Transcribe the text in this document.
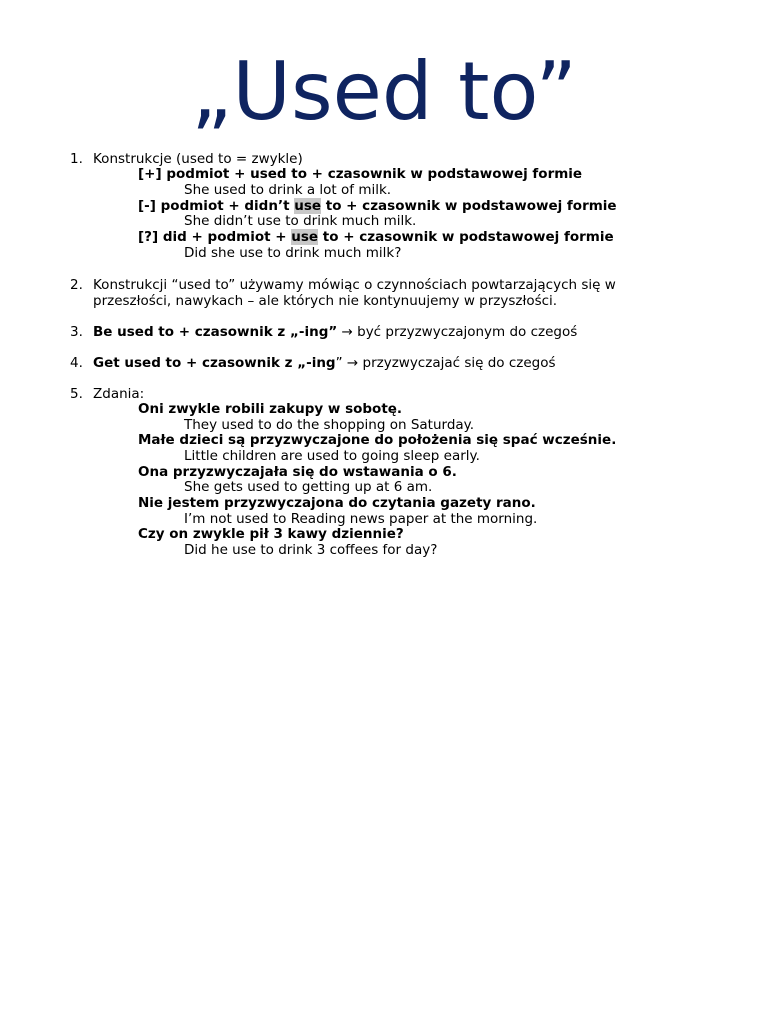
„Used to”
1. Konstrukcje (used to = zwykle)
[+] podmiot + used to + czasownik w podstawowej formie
She used to drink a lot of milk.
[-] podmiot + didn’t use to + czasownik w podstawowej formie
She didn’t use to drink much milk.
[?] did + podmiot + use to + czasownik w podstawowej formie
Did she use to drink much milk?
2. Konstrukcji “used to” używamy mówiąc o czynnościach powtarzających się w
przeszłości, nawykach – ale których nie kontynuujemy w przyszłości.
3. Be used to + czasownik z „-ing” → być przyzwyczajonym do czegoś
4. Get used to + czasownik z „-ing” → przyzwyczajać się do czegoś
5. Zdania:
Oni zwykle robili zakupy w sobotę.
They used to do the shopping on Saturday.
Małe dzieci są przyzwyczajone do położenia się spać wcześnie.
Little children are used to going sleep early.
Ona przyzwyczajała się do wstawania o 6.
She gets used to getting up at 6 am.
Nie jestem przyzwyczajona do czytania gazety rano.
I’m not used to Reading news paper at the morning.
Czy on zwykle pił 3 kawy dziennie?
Did he use to drink 3 coffees for day?
